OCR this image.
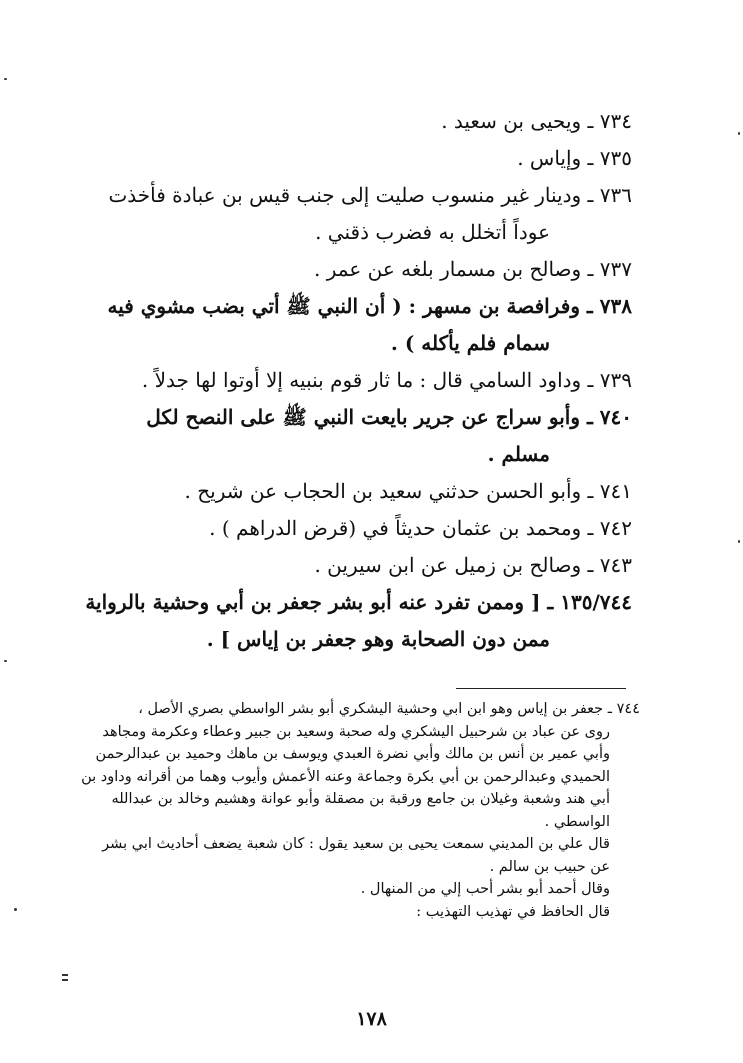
٧٣٤ ـ ويحيى بن سعيد .
٧٣٥ ـ وإياس .
٧٣٦ ـ ودينار غير منسوب صليت إلى جنب قيس بن عبادة فأخذت
عوداً أتخلل به فضرب ذقني .
٧٣٧ ـ وصالح بن مسمار بلغه عن عمر .
٧٣٨ ـ وفرافصة بن مسهر : ( أن النبي ﷺ أتي بضب مشوي فيه
سمام فلم يأكله ) .
٧٣٩ ـ وداود السامي قال : ما ثار قوم بنبيه إلا أوتوا لها جدلاً .
٧٤٠ ـ وأبو سراج عن جرير بايعت النبي ﷺ على النصح لكل
مسلم .
٧٤١ ـ وأبو الحسن حدثني سعيد بن الحجاب عن شريح .
٧٤٢ ـ ومحمد بن عثمان حديثاً في (قرض الدراهم ) .
٧٤٣ ـ وصالح بن زميل عن ابن سيرين .
١٣٥/٧٤٤ ـ [ وممن تفرد عنه أبو بشر جعفر بن أبي وحشية بالرواية
ممن دون الصحابة وهو جعفر بن إياس ] .
٧٤٤ ـ جعفر بن إياس وهو ابن ابي وحشية اليشكري أبو بشر الواسطي بصري الأصل ،
روى عن عباد بن شرحبيل اليشكري وله صحبة وسعيد بن جبير وعطاء وعكرمة ومجاهد
وأبي عمير بن أنس بن مالك وأبي نضرة العبدي ويوسف بن ماهك وحميد بن عبدالرحمن
الحميدي وعبدالرحمن بن أبي بكرة وجماعة وعنه الأعمش وأيوب وهما من أقرانه وداود بن
أبي هند وشعبة وغيلان بن جامع ورقبة بن مصقلة وأبو عوانة وهشيم وخالد بن عبدالله
الواسطي .
قال علي بن المديني سمعت يحيى بن سعيد يقول : كان شعبة يضعف أحاديث ابي بشر
عن حبيب بن سالم .
وقال أحمد أبو بشر أحب إلي من المنهال .
قال الحافظ في تهذيب التهذيب :
١٧٨
